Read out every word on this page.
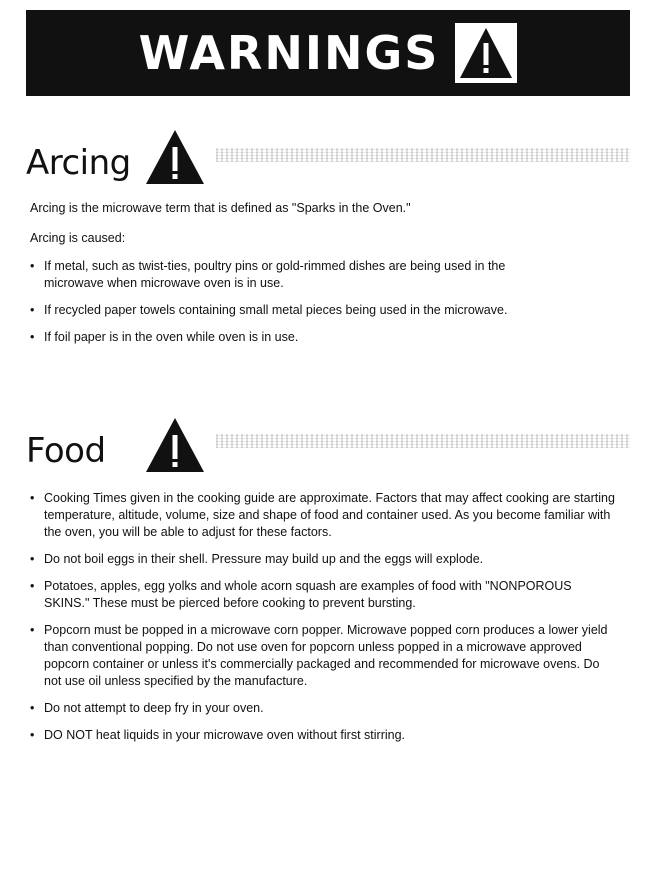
WARNINGS
Arcing
Arcing is the microwave term that is defined as "Sparks in the Oven."
Arcing is caused:
• If metal, such as twist-ties, poultry pins or gold-rimmed dishes are being used in the microwave when microwave oven is in use.
• If recycled paper towels containing small metal pieces being used in the microwave.
• If foil paper is in the oven while oven is in use.
Food
• Cooking Times given in the cooking guide are approximate. Factors that may affect cooking are starting temperature, altitude, volume, size and shape of food and container used. As you become familiar with the oven, you will be able to adjust for these factors.
• Do not boil eggs in their shell. Pressure may build up and the eggs will explode.
• Potatoes, apples, egg yolks and whole acorn squash are examples of food with "NONPOROUS SKINS." These must be pierced before cooking to prevent bursting.
• Popcorn must be popped in a microwave corn popper. Microwave popped corn produces a lower yield than conventional popping. Do not use oven for popcorn unless popped in a microwave approved popcorn container or unless it's commercially packaged and recommended for microwave ovens. Do not use oil unless specified by the manufacture.
• Do not attempt to deep fry in your oven.
• DO NOT heat liquids in your microwave oven without first stirring.
